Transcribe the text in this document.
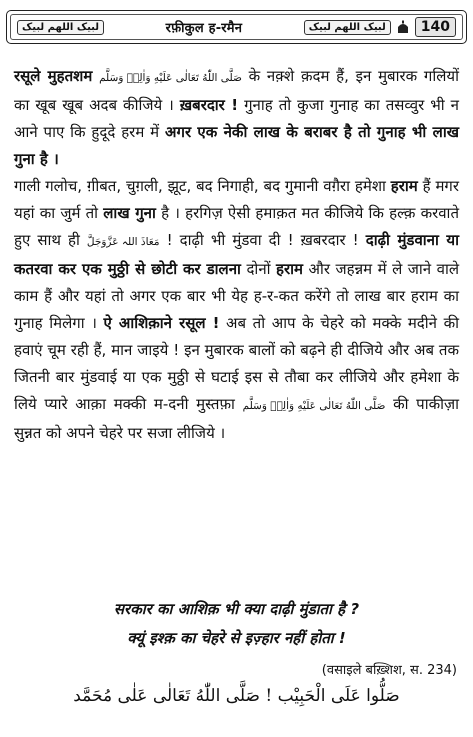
لبیک اللھم لبیک	रफ़ीकुल ह-रमैन	لبیک اللھم لبیک	140

रसूले मुहतशम صَلَّی اللّٰهُ تَعَالٰی عَلَیْهِ وَاٰلِهٖ وَسَلَّم के नक़्शे क़दम हैं, इन मुबारक गलियों का खूब खूब अदब कीजिये । ख़बरदार ! गुनाह तो कुजा गुनाह का तसव्वुर भी न आने पाए कि हुदूदे हरम में अगर एक नेकी लाख के बराबर है तो गुनाह भी लाख गुना है ।

गाली गलोच, ग़ीबत, चुग़ली, झूट, बद निगाही, बद गुमानी वग़ैरा हमेशा हराम हैं मगर यहां का जुर्म तो लाख गुना है । हरगिज़ ऐसी हमाक़त मत कीजिये कि हल्क़ करवाते हुए साथ ही مَعَاذَ اللہ عَزَّوَجَلَّ ! दाढ़ी भी मुंडवा दी ! ख़बरदार ! दाढ़ी मुंडवाना या कतरवा कर एक मुठ्ठी से छोटी कर डालना दोनों हराम और जहन्नम में ले जाने वाले काम हैं और यहां तो अगर एक बार भी येह ह-र-कत करेंगे तो लाख बार हराम का गुनाह मिलेगा । ऐ आशिक़ाने रसूल ! अब तो आप के चेहरे को मक्के मदीने की हवाएं चूम रही हैं, मान जाइये ! इन मुबारक बालों को बढ़ने ही दीजिये और अब तक जितनी बार मुंडवाई या एक मुठ्ठी से घटाई इस से तौबा कर लीजिये और हमेशा के लिये प्यारे आक़ा मक्की म-दनी मुस्तफ़ा صَلَّی اللّٰهُ تَعَالٰی عَلَیْهِ وَاٰلِهٖ وَسَلَّم की पाकीज़ा सुन्नत को अपने चेहरे पर सजा लीजिये ।

सरकार का आशिक़ भी क्या दाढ़ी मुंडाता है ?
क्यूं इश्क़ का चेहरे से इज़्हार नहीं होता !
(वसाइले बख़्शिश, स. 234)
صَلُّوا عَلَی الْحَبِیْب ! صَلَّی اللّٰهُ تَعَالٰی عَلٰی مُحَمَّد
